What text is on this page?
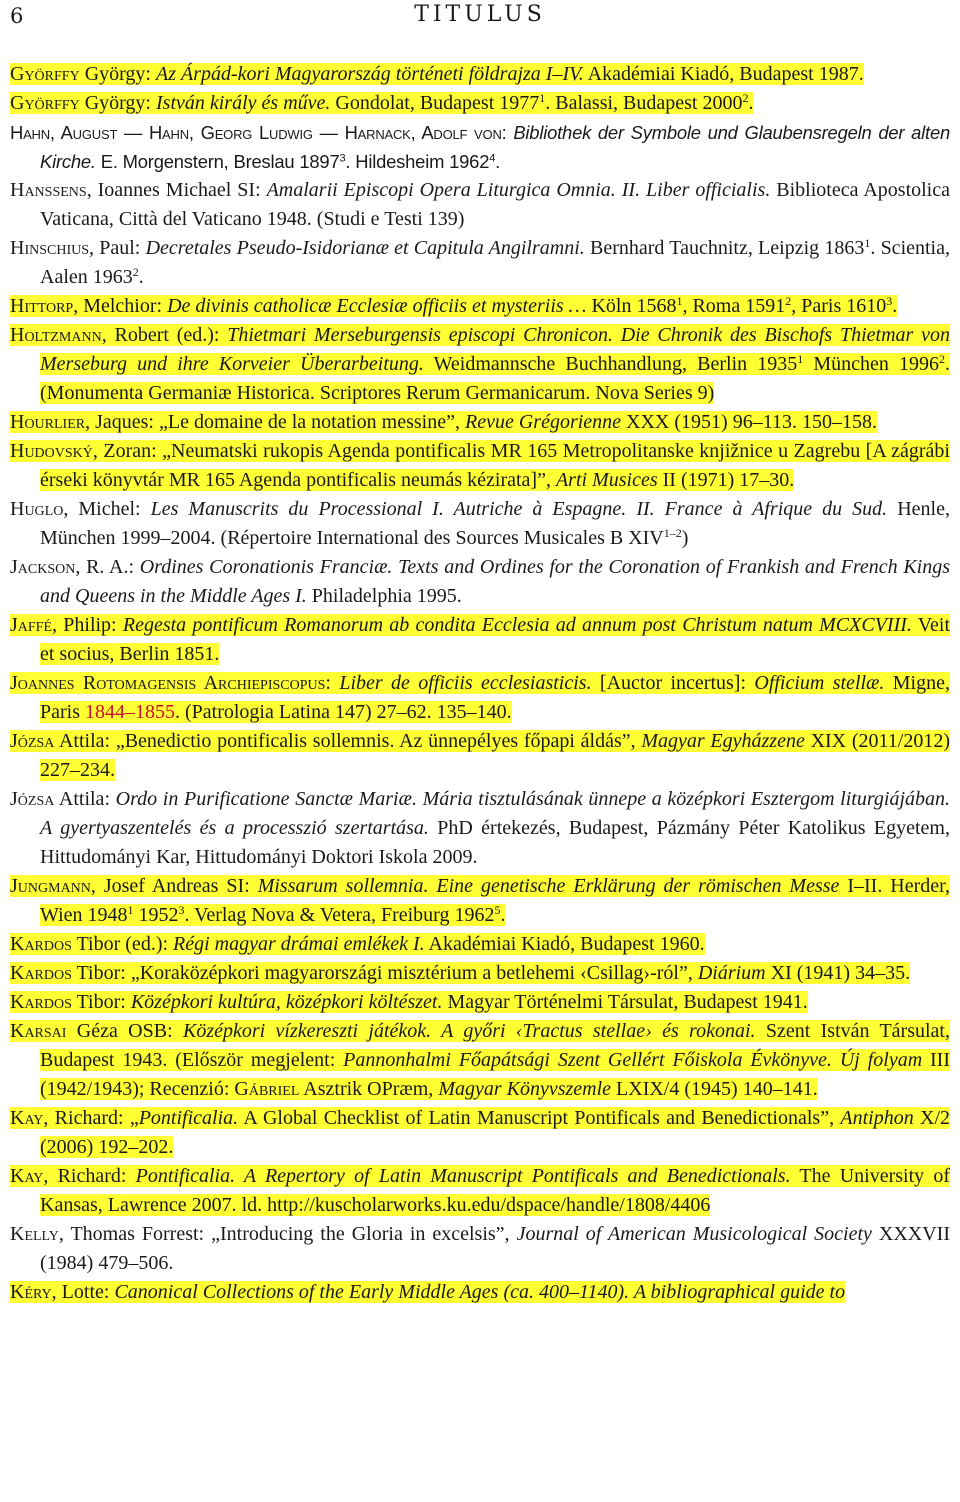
6	TITULUS

Györffy György: Az Árpád-kori Magyarország történeti földrajza I–IV. Akadémiai Kiadó, Budapest 1987.

Györffy György: István király és műve. Gondolat, Budapest 1977$^1$. Balassi, Budapest 2000$^2$.

Hahn, August — Hahn, Georg Ludwig — Harnack, Adolf von: Bibliothek der Symbole und Glaubensregeln der alten Kirche. E. Morgenstern, Breslau 1897$^3$. Hildesheim 1962$^4$.

Hanssens, Ioannes Michael SI: Amalarii Episcopi Opera Liturgica Omnia. II. Liber officialis. Biblioteca Apostolica Vaticana, Città del Vaticano 1948. (Studi e Testi 139)

Hinschius, Paul: Decretales Pseudo-Isidorianæ et Capitula Angilramni. Bernhard Tauchnitz, Leipzig 1863$^1$. Scientia, Aalen 1963$^2$.

Hittorp, Melchior: De divinis catholicæ Ecclesiæ officiis et mysteriis … Köln 1568$^1$, Roma 1591$^2$, Paris 1610$^3$.

Holtzmann, Robert (ed.): Thietmari Merseburgensis episcopi Chronicon. Die Chronik des Bischofs Thietmar von Merseburg und ihre Korveier Überarbeitung. Weidmannsche Buchhandlung, Berlin 1935$^1$ München 1996$^2$. (Monumenta Germaniæ Historica. Scriptores Rerum Germanicarum. Nova Series 9)

Hourlier, Jaques: „Le domaine de la notation messine”, Revue Grégorienne XXX (1951) 96–113. 150–158.

Hudovský, Zoran: „Neumatski rukopis Agenda pontificalis MR 165 Metropolitanske knjižnice u Zagrebu [A zágrábi érseki könyvtár MR 165 Agenda pontificalis neumás kézirata]”, Arti Musices II (1971) 17–30.

Huglo, Michel: Les Manuscrits du Processional I. Autriche à Espagne. II. France à Afrique du Sud. Henle, München 1999–2004. (Répertoire International des Sources Musicales B XIV$^{1-2}$)

Jackson, R. A.: Ordines Coronationis Franciæ. Texts and Ordines for the Coronation of Frankish and French Kings and Queens in the Middle Ages I. Philadelphia 1995.

Jaffé, Philip: Regesta pontificum Romanorum ab condita Ecclesia ad annum post Christum natum MCXCVIII. Veit et socius, Berlin 1851.

Joannes Rotomagensis Archiepiscopus: Liber de officiis ecclesiasticis. [Auctor incertus]: Officium stellæ. Migne, Paris 1844–1855. (Patrologia Latina 147) 27–62. 135–140.

Józsa Attila: „Benedictio pontificalis sollemnis. Az ünnepélyes főpapi áldás”, Magyar Egyházzene XIX (2011/2012) 227–234.

Józsa Attila: Ordo in Purificatione Sanctæ Mariæ. Mária tisztulásának ünnepe a középkori Esztergom liturgiájában. A gyertyaszentelés és a processzió szertartása. PhD értekezés, Budapest, Pázmány Péter Katolikus Egyetem, Hittudományi Kar, Hittudományi Doktori Iskola 2009.

Jungmann, Josef Andreas SI: Missarum sollemnia. Eine genetische Erklärung der römischen Messe I–II. Herder, Wien 1948$^1$ 1952$^3$. Verlag Nova & Vetera, Freiburg 1962$^5$.

Kardos Tibor (ed.): Régi magyar drámai emlékek I. Akadémiai Kiadó, Budapest 1960.

Kardos Tibor: „Koraközépkori magyarországi misztérium a betlehemi ‹Csillag›-ról”, Diárium XI (1941) 34–35.

Kardos Tibor: Középkori kultúra, középkori költészet. Magyar Történelmi Társulat, Budapest 1941.

Karsai Géza OSB: Középkori vízkereszti játékok. A győri ‹Tractus stellae› és rokonai. Szent István Társulat, Budapest 1943. (Először megjelent: Pannonhalmi Főapátsági Szent Gellért Főiskola Évkönyve. Új folyam III (1942/1943); Recenzió: Gábriel Asztrik OPræm, Magyar Könyvszemle LXIX/4 (1945) 140–141.

Kay, Richard: „Pontificalia. A Global Checklist of Latin Manuscript Pontificals and Benedictionals”, Antiphon X/2 (2006) 192–202.

Kay, Richard: Pontificalia. A Repertory of Latin Manuscript Pontificals and Benedictionals. The University of Kansas, Lawrence 2007. ld. http://kuscholarworks.ku.edu/dspace/handle/1808/4406

Kelly, Thomas Forrest: „Introducing the Gloria in excelsis”, Journal of American Musicological Society XXXVII (1984) 479–506.

Kéry, Lotte: Canonical Collections of the Early Middle Ages (ca. 400–1140). A bibliographical guide to
